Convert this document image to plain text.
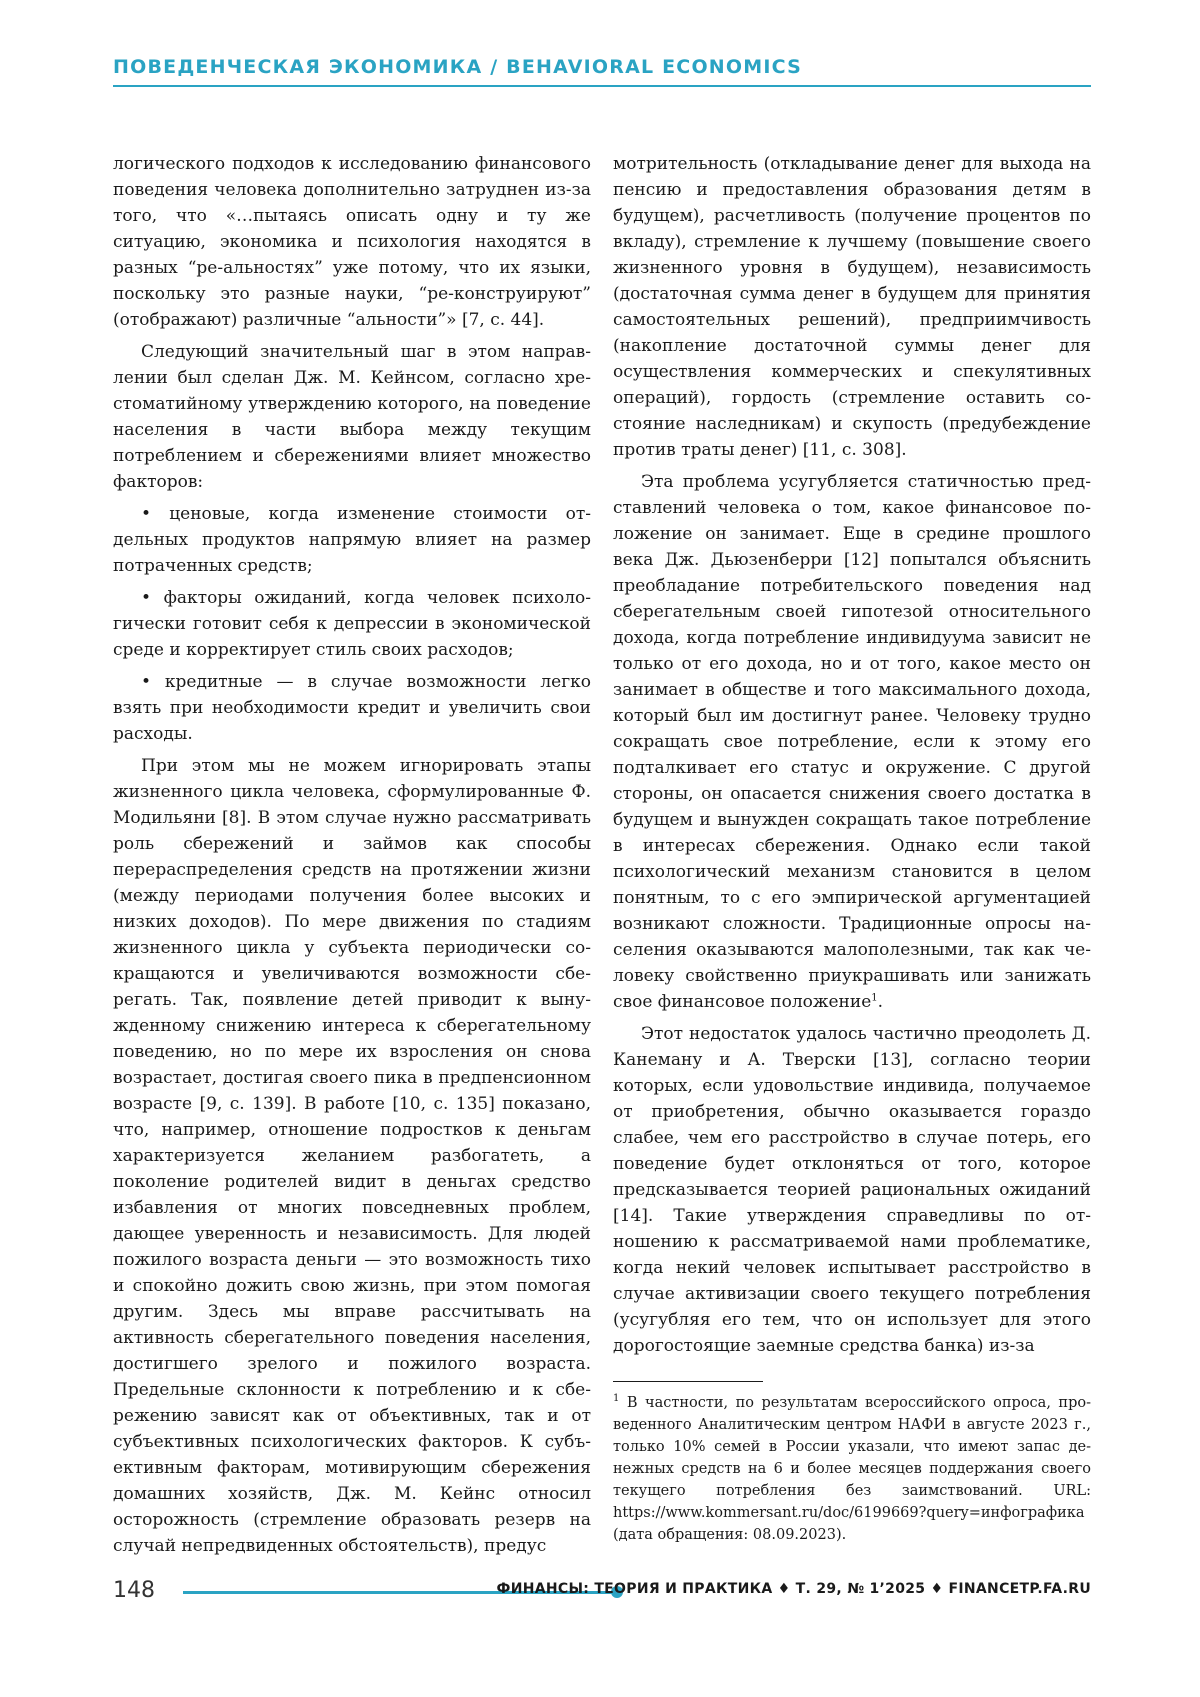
ПОВЕДЕНЧЕСКАЯ ЭКОНОМИКА / BEHAVIORAL ECONOMICS

логического подходов к исследованию финансового поведения человека дополнительно затруднен из-за того, что «…пытаясь описать одну и ту же ситуацию, экономика и психология находятся в разных “ре-альностях” уже потому, что их языки, поскольку это разные науки, “ре-конструируют” (отображают) различные “альности”» [7, с. 44].

Следующий значительный шаг в этом направлении был сделан Дж. М. Кейнсом, согласно хрестоматийному утверждению которого, на поведение населения в части выбора между текущим потреблением и сбережениями влияет множество факторов:

• ценовые, когда изменение стоимости отдельных продуктов напрямую влияет на размер потраченных средств;

• факторы ожиданий, когда человек психологически готовит себя к депрессии в экономической среде и корректирует стиль своих расходов;

• кредитные — в случае возможности легко взять при необходимости кредит и увеличить свои расходы.

При этом мы не можем игнорировать этапы жизненного цикла человека, сформулированные Ф. Модильяни [8]. В этом случае нужно рассматривать роль сбережений и займов как способы перераспределения средств на протяжении жизни (между периодами получения более высоких и низких доходов). По мере движения по стадиям жизненного цикла у субъекта периодически сокращаются и увеличиваются возможности сберегать. Так, появление детей приводит к вынужденному снижению интереса к сберегательному поведению, но по мере их взросления он снова возрастает, достигая своего пика в предпенсионном возрасте [9, с. 139]. В работе [10, с. 135] показано, что, например, отношение подростков к деньгам характеризуется желанием разбогатеть, а поколение родителей видит в деньгах средство избавления от многих повседневных проблем, дающее уверенность и независимость. Для людей пожилого возраста деньги — это возможность тихо и спокойно дожить свою жизнь, при этом помогая другим. Здесь мы вправе рассчитывать на активность сберегательного поведения населения, достигшего зрелого и пожилого возраста. Предельные склонности к потреблению и к сбережению зависят как от объективных, так и от субъективных психологических факторов. К субъективным факторам, мотивирующим сбережения домашних хозяйств, Дж. М. Кейнс относил осторожность (стремление образовать резерв на случай непредвиденных обстоятельств), предус

мотрительность (откладывание денег для выхода на пенсию и предоставления образования детям в будущем), расчетливость (получение процентов по вкладу), стремление к лучшему (повышение своего жизненного уровня в будущем), независимость (достаточная сумма денег в будущем для принятия самостоятельных решений), предприимчивость (накопление достаточной суммы денег для осуществления коммерческих и спекулятивных операций), гордость (стремление оставить состояние наследникам) и скупость (предубеждение против траты денег) [11, с. 308].

Эта проблема усугубляется статичностью представлений человека о том, какое финансовое положение он занимает. Еще в средине прошлого века Дж. Дьюзенберри [12] попытался объяснить преобладание потребительского поведения над сберегательным своей гипотезой относительного дохода, когда потребление индивидуума зависит не только от его дохода, но и от того, какое место он занимает в обществе и того максимального дохода, который был им достигнут ранее. Человеку трудно сокращать свое потребление, если к этому его подталкивает его статус и окружение. С другой стороны, он опасается снижения своего достатка в будущем и вынужден сокращать такое потребление в интересах сбережения. Однако если такой психологический механизм становится в целом понятным, то с его эмпирической аргументацией возникают сложности. Традиционные опросы населения оказываются малополезными, так как человеку свойственно приукрашивать или занижать свое финансовое положение$^1$.

Этот недостаток удалось частично преодолеть Д. Канеману и А. Тверски [13], согласно теории которых, если удовольствие индивида, получаемое от приобретения, обычно оказывается гораздо слабее, чем его расстройство в случае потерь, его поведение будет отклоняться от того, которое предсказывается теорией рациональных ожиданий [14]. Такие утверждения справедливы по отношению к рассматриваемой нами проблематике, когда некий человек испытывает расстройство в случае активизации своего текущего потребления (усугубляя его тем, что он использует для этого дорогостоящие заемные средства банка) из-за

$^1$ В частности, по результатам всероссийского опроса, проведенного Аналитическим центром НАФИ в августе 2023 г., только 10% семей в России указали, что имеют запас денежных средств на 6 и более месяцев поддержания своего текущего потребления без заимствований. URL: https://www.kommersant.ru/doc/6199669?query=инфографика (дата обращения: 08.09.2023).

148	ФИНАНСЫ: ТЕОРИЯ И ПРАКТИКА ♦ Т. 29, № 1’2025 ♦ FINANCETP.FA.RU
